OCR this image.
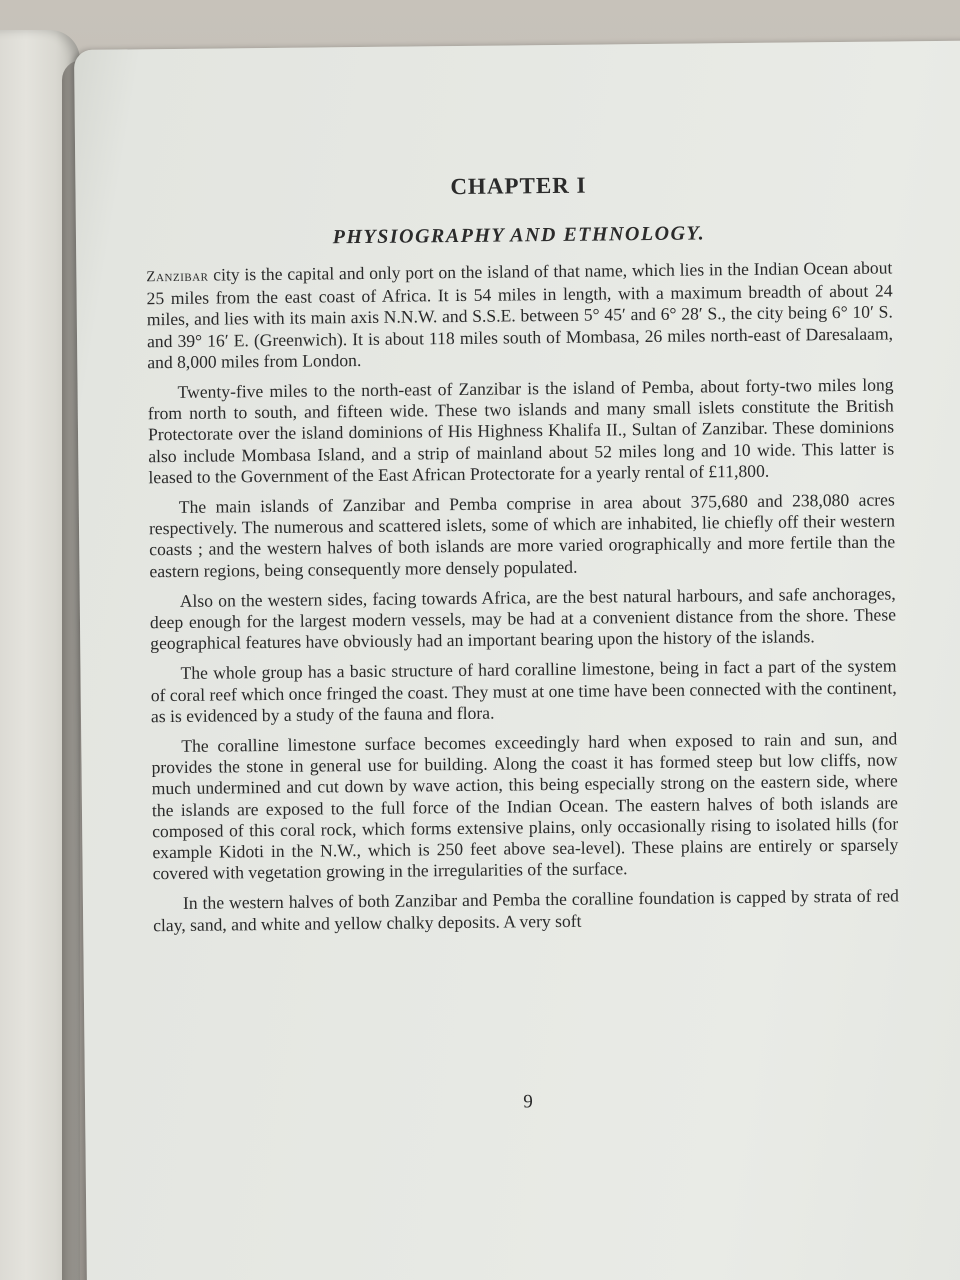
CHAPTER I
PHYSIOGRAPHY AND ETHNOLOGY.

Zanzibar city is the capital and only port on the island of that name, which lies in the Indian Ocean about 25 miles from the east coast of Africa. It is 54 miles in length, with a maximum breadth of about 24 miles, and lies with its main axis N.N.W. and S.S.E. between 5° 45′ and 6° 28′ S., the city being 6° 10′ S. and 39° 16′ E. (Greenwich). It is about 118 miles south of Mombasa, 26 miles north-east of Daresalaam, and 8,000 miles from London.

Twenty-five miles to the north-east of Zanzibar is the island of Pemba, about forty-two miles long from north to south, and fifteen wide. These two islands and many small islets constitute the British Protectorate over the island dominions of His Highness Khalifa II., Sultan of Zanzibar. These dominions also include Mombasa Island, and a strip of mainland about 52 miles long and 10 wide. This latter is leased to the Government of the East African Protectorate for a yearly rental of £11,800.

The main islands of Zanzibar and Pemba comprise in area about 375,680 and 238,080 acres respectively. The numerous and scattered islets, some of which are inhabited, lie chiefly off their western coasts ; and the western halves of both islands are more varied orographically and more fertile than the eastern regions, being consequently more densely populated.

Also on the western sides, facing towards Africa, are the best natural harbours, and safe anchorages, deep enough for the largest modern vessels, may be had at a convenient distance from the shore. These geographical features have obviously had an important bearing upon the history of the islands.

The whole group has a basic structure of hard coralline limestone, being in fact a part of the system of coral reef which once fringed the coast. They must at one time have been connected with the continent, as is evidenced by a study of the fauna and flora.

The coralline limestone surface becomes exceedingly hard when exposed to rain and sun, and provides the stone in general use for building. Along the coast it has formed steep but low cliffs, now much undermined and cut down by wave action, this being especially strong on the eastern side, where the islands are exposed to the full force of the Indian Ocean. The eastern halves of both islands are composed of this coral rock, which forms extensive plains, only occasionally rising to isolated hills (for example Kidoti in the N.W., which is 250 feet above sea-level). These plains are entirely or sparsely covered with vegetation growing in the irregularities of the surface.

In the western halves of both Zanzibar and Pemba the coralline foundation is capped by strata of red clay, sand, and white and yellow chalky deposits. A very soft

9
